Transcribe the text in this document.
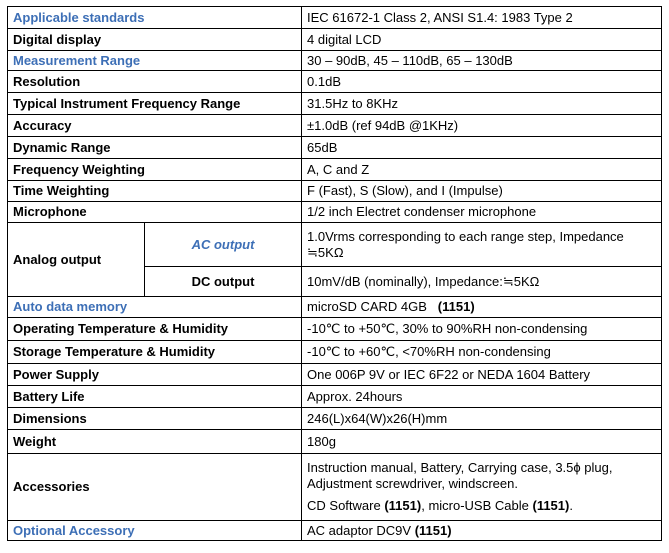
Applicable standards		IEC 61672-1 Class 2, ANSI S1.4: 1983 Type 2
Digital display		4 digital LCD
Measurement Range		30 – 90dB, 45 – 110dB, 65 – 130dB
Resolution		0.1dB
Typical Instrument Frequency Range		31.5Hz to 8KHz
Accuracy		±1.0dB (ref 94dB @1KHz)
Dynamic Range		65dB
Frequency Weighting		A, C and Z
Time Weighting		F (Fast), S (Slow), and I (Impulse)
Microphone		1/2 inch Electret condenser microphone
Analog output	AC output	1.0Vrms corresponding to each range step, Impedance ≒5KΩ
	DC output	10mV/dB (nominally), Impedance:≒5KΩ
Auto data memory		microSD CARD 4GB (1151)
Operating Temperature & Humidity		-10℃ to +50℃, 30% to 90%RH non-condensing
Storage Temperature & Humidity		-10℃ to +60℃, <70%RH non-condensing
Power Supply		One 006P 9V or IEC 6F22 or NEDA 1604 Battery
Battery Life		Approx. 24hours
Dimensions		246(L)x64(W)x26(H)mm
Weight		180g
Accessories		Instruction manual, Battery, Carrying case, 3.5ϕ plug, Adjustment screwdriver, windscreen.
CD Software (1151), micro-USB Cable (1151).
Optional Accessory		AC adaptor DC9V (1151)
